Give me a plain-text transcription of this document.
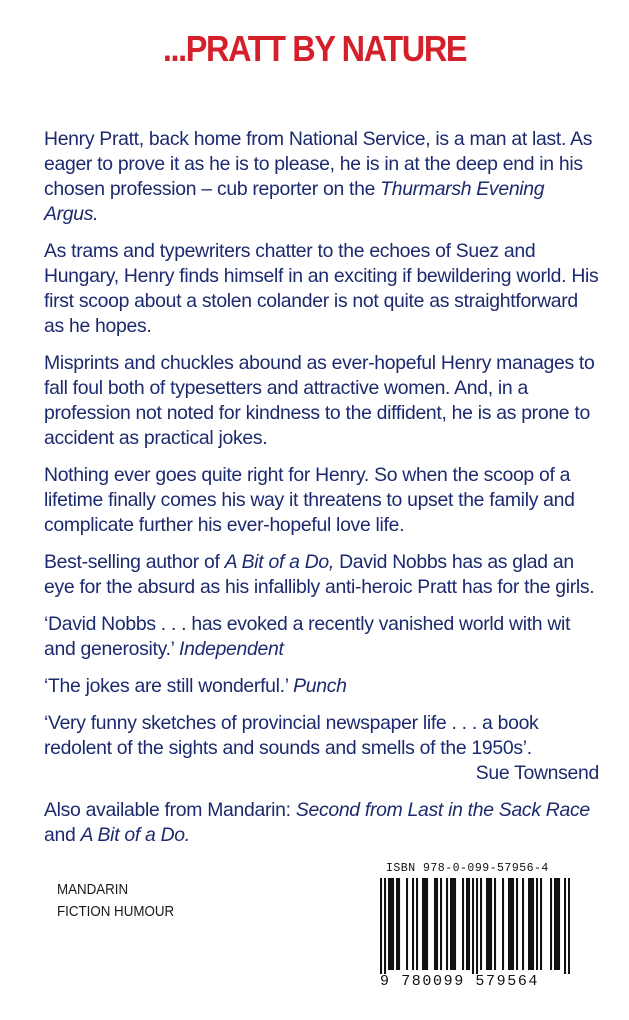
...PRATT BY NATURE

Henry Pratt, back home from National Service, is a man at last. As eager to prove it as he is to please, he is in at the deep end in his chosen profession – cub reporter on the Thurmarsh Evening Argus.

As trams and typewriters chatter to the echoes of Suez and Hungary, Henry finds himself in an exciting if bewildering world. His first scoop about a stolen colander is not quite as straightforward as he hopes.

Misprints and chuckles abound as ever-hopeful Henry manages to fall foul both of typesetters and attractive women. And, in a profession not noted for kindness to the diffident, he is as prone to accident as practical jokes.

Nothing ever goes quite right for Henry. So when the scoop of a lifetime finally comes his way it threatens to upset the family and complicate further his ever-hopeful love life.

Best-selling author of A Bit of a Do, David Nobbs has as glad an eye for the absurd as his infallibly anti-heroic Pratt has for the girls.

‘David Nobbs . . . has evoked a recently vanished world with wit and generosity.’ Independent

‘The jokes are still wonderful.’ Punch

‘Very funny sketches of provincial newspaper life . . . a book redolent of the sights and sounds and smells of the 1950s’.
Sue Townsend

Also available from Mandarin: Second from Last in the Sack Race and A Bit of a Do.

MANDARIN
FICTION HUMOUR
ISBN 978-0-099-57956-4
9 780099 579564
